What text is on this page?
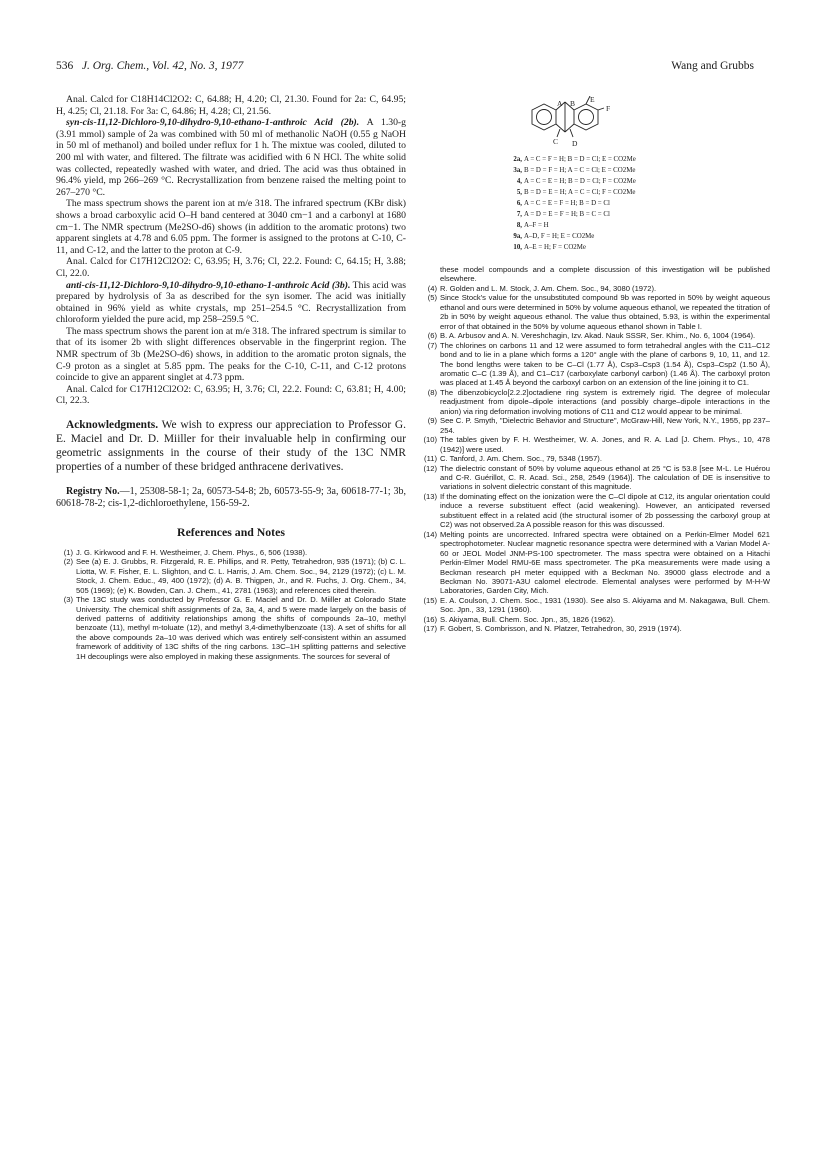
536 J. Org. Chem., Vol. 42, No. 3, 1977	Wang and Grubbs

Anal. Calcd for C18H14Cl2O2: C, 64.88; H, 4.20; Cl, 21.30. Found for 2a: C, 64.95; H, 4.25; Cl, 21.18. For 3a: C, 64.86; H, 4.28; Cl, 21.56.

syn-cis-11,12-Dichloro-9,10-dihydro-9,10-ethano-1-anthroic Acid (2b). A 1.30-g (3.91 mmol) sample of 2a was combined with 50 ml of methanolic NaOH (0.55 g NaOH in 50 ml of methanol) and boiled under reflux for 1 h. The mixtue was cooled, diluted to 200 ml with water, and filtered. The filtrate was acidified with 6 N HCl. The white solid was collected, repeatedly washed with water, and dried. The acid was thus obtained in 96.4% yield, mp 266–269 °C. Recrystallization from benzene raised the melting point to 267–270 °C.

The mass spectrum shows the parent ion at m/e 318. The infrared spectrum (KBr disk) shows a broad carboxylic acid O–H band centered at 3040 cm−1 and a carbonyl at 1680 cm−1. The NMR spectrum (Me2SO-d6) shows (in addition to the aromatic protons) two apparent singlets at 4.78 and 6.05 ppm. The former is assigned to the protons at C-10, C-11, and C-12, and the latter to the proton at C-9.

Anal. Calcd for C17H12Cl2O2: C, 63.95; H, 3.76; Cl, 22.2. Found: C, 64.15; H, 3.88; Cl, 22.0.

anti-cis-11,12-Dichloro-9,10-dihydro-9,10-ethano-1-anthroic Acid (3b). This acid was prepared by hydrolysis of 3a as described for the syn isomer. The acid was initially obtained in 96% yield as white crystals, mp 251–254.5 °C. Recrystallization from chloroform yielded the pure acid, mp 258–259.5 °C.

The mass spectrum shows the parent ion at m/e 318. The infrared spectrum is similar to that of its isomer 2b with slight differences observable in the fingerprint region. The NMR spectrum of 3b (Me2SO-d6) shows, in addition to the aromatic proton signals, the C-9 proton as a singlet at 5.85 ppm. The peaks for the C-10, C-11, and C-12 protons coincide to give an apparent singlet at 4.73 ppm.

Anal. Calcd for C17H12Cl2O2: C, 63.95; H, 3.76; Cl, 22.2. Found: C, 63.81; H, 4.00; Cl, 22.3.

Acknowledgments. We wish to express our appreciation to Professor G. E. Maciel and Dr. D. Miiller for their invaluable help in confirming our geometric assignments in the course of their study of the 13C NMR properties of a number of these bridged anthracene derivatives.

Registry No.—1, 25308-58-1; 2a, 60573-54-8; 2b, 60573-55-9; 3a, 60618-77-1; 3b, 60618-78-2; cis-1,2-dichloroethylene, 156-59-2.

References and Notes
(1) J. G. Kirkwood and F. H. Westheimer, J. Chem. Phys., 6, 506 (1938).
(2) See (a) E. J. Grubbs, R. Fitzgerald, R. E. Phillips, and R. Petty, Tetrahedron, 935 (1971); (b) C. L. Liotta, W. F. Fisher, E. L. Slighton, and C. L. Harris, J. Am. Chem. Soc., 94, 2129 (1972); (c) L. M. Stock, J. Chem. Educ., 49, 400 (1972); (d) A. B. Thigpen, Jr., and R. Fuchs, J. Org. Chem., 34, 505 (1969); (e) K. Bowden, Can. J. Chem., 41, 2781 (1963); and references cited therein.
(3) The 13C study was conducted by Professor G. E. Maciel and Dr. D. Miiller at Colorado State University. The chemical shift assignments of 2a, 3a, 4, and 5 were made largely on the basis of derived patterns of additivity relationships among the shifts of compounds 2a–10, methyl benzoate (11), methyl m-toluate (12), and methyl 3,4-dimethylbenzoate (13). A set of shifts for all the above compounds 2a–10 was derived which was entirely self-consistent within an assumed framework of additivity of 13C shifts of the ring carbons. 13C–1H splitting patterns and selective 1H decouplings were also employed in making these assignments. The sources for several of
A B
C D
E
F
2a, A = C = F = H; B = D = Cl; E = CO2Me
3a, B = D = F = H; A = C = Cl; E = CO2Me
4, A = C = E = H; B = D = Cl; F = CO2Me
5, B = D = E = H; A = C = Cl; F = CO2Me
6, A = C = E = F = H; B = D = Cl
7, A = D = E = F = H; B = C = Cl
8, A–F = H
9a, A–D, F = H; E = CO2Me
10, A–E = H; F = CO2Me
these model compounds and a complete discussion of this investigation will be published elsewhere.
(4) R. Golden and L. M. Stock, J. Am. Chem. Soc., 94, 3080 (1972).
(5) Since Stock's value for the unsubstituted compound 9b was reported in 50% by weight aqueous ethanol and ours were determined in 50% by volume aqueous ethanol, we repeated the titration of 2b in 50% by weight aqueous ethanol. The value thus obtained, 5.93, is within the experimental error of that obtained in the 50% by volume aqueous ethanol shown in Table I.
(6) B. A. Arbusov and A. N. Vereshchagin, Izv. Akad. Nauk SSSR, Ser. Khim., No. 6, 1004 (1964).
(7) The chlorines on carbons 11 and 12 were assumed to form tetrahedral angles with the C11–C12 bond and to lie in a plane which forms a 120° angle with the plane of carbons 9, 10, 11, and 12. The bond lengths were taken to be C–Cl (1.77 Å), Csp3–Csp3 (1.54 Å), Csp3–Csp2 (1.50 Å), aromatic C–C (1.39 Å), and C1–C17 (carboxylate carbonyl carbon) (1.46 Å). The carboxyl proton was placed at 1.45 Å beyond the carboxyl carbon on an extension of the line joining it to C1.
(8) The dibenzobicyclo[2.2.2]octadiene ring system is extremely rigid. The degree of molecular readjustment from dipole–dipole interactions (and possibly charge–dipole interactions in the anion) via ring deformation involving motions of C11 and C12 would appear to be minimal.
(9) See C. P. Smyth, "Dielectric Behavior and Structure", McGraw-Hill, New York, N.Y., 1955, pp 237–254.
(10) The tables given by F. H. Westheimer, W. A. Jones, and R. A. Lad [J. Chem. Phys., 10, 478 (1942)] were used.
(11) C. Tanford, J. Am. Chem. Soc., 79, 5348 (1957).
(12) The dielectric constant of 50% by volume aqueous ethanol at 25 °C is 53.8 [see M-L. Le Huérou and C-R. Guérillot, C. R. Acad. Sci., 258, 2549 (1964)]. The calculation of DE is insensitive to variations in solvent dielectric constant of this magnitude.
(13) If the dominating effect on the ionization were the C–Cl dipole at C12, its angular orientation could induce a reverse substituent effect (acid weakening). However, an anticipated reversed substituent effect in a related acid (the structural isomer of 2b possessing the carboxyl group at C2) was not observed.2a A possible reason for this was discussed.
(14) Melting points are uncorrected. Infrared spectra were obtained on a Perkin-Elmer Model 621 spectrophotometer. Nuclear magnetic resonance spectra were determined with a Varian Model A-60 or JEOL Model JNM-PS-100 spectrometer. The mass spectra were obtained on a Hitachi Perkin-Elmer Model RMU-6E mass spectrometer. The pKa measurements were made using a Beckman research pH meter equipped with a Beckman No. 39000 glass electrode and a Beckman No. 39071-A3U calomel electrode. Elemental analyses were performed by M-H-W Laboratories, Garden City, Mich.
(15) E. A. Coulson, J. Chem. Soc., 1931 (1930). See also S. Akiyama and M. Nakagawa, Bull. Chem. Soc. Jpn., 33, 1291 (1960).
(16) S. Akiyama, Bull. Chem. Soc. Jpn., 35, 1826 (1962).
(17) F. Gobert, S. Combrisson, and N. Platzer, Tetrahedron, 30, 2919 (1974).
